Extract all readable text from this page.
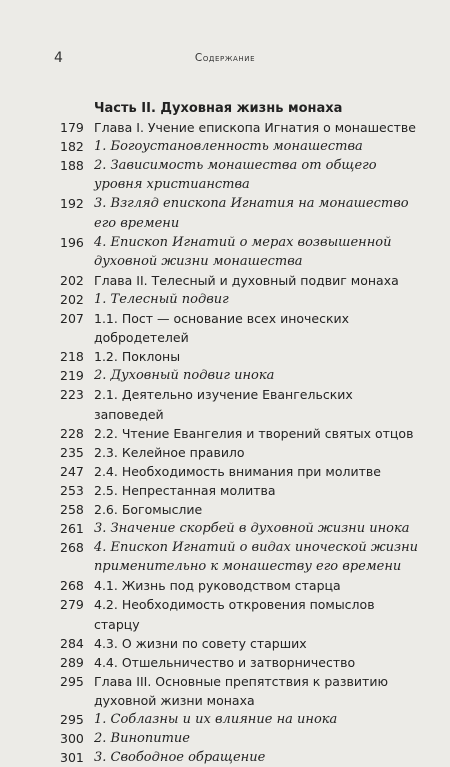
4	Содержание
Часть II. Духовная жизнь монаха
179 Глава I. Учение епископа Игнатия о монашестве
182 1. Богоустановленность монашества
188 2. Зависимость монашества от общего уровня христианства
192 3. Взгляд епископа Игнатия на монашество его времени
196 4. Епископ Игнатий о мерах возвышенной духовной жизни монашества
202 Глава II. Телесный и духовный подвиг монаха
202 1. Телесный подвиг
207 1.1. Пост — основание всех иноческих добродетелей
218 1.2. Поклоны
219 2. Духовный подвиг инока
223 2.1. Деятельно изучение Евангельских заповедей
228 2.2. Чтение Евангелия и творений святых отцов
235 2.3. Келейное правило
247 2.4. Необходимость внимания при молитве
253 2.5. Непрестанная молитва
258 2.6. Богомыслие
261 3. Значение скорбей в духовной жизни инока
268 4. Епископ Игнатий о видах иноческой жизни применительно к монашеству его времени
268 4.1. Жизнь под руководством старца
279 4.2. Необходимость откровения помыслов старцу
284 4.3. О жизни по совету старших
289 4.4. Отшельничество и затворничество
295 Глава III. Основные препятствия к развитию духовной жизни монаха
295 1. Соблазны и их влияние на инока
300 2. Винопитие
301 3. Свободное обращение
